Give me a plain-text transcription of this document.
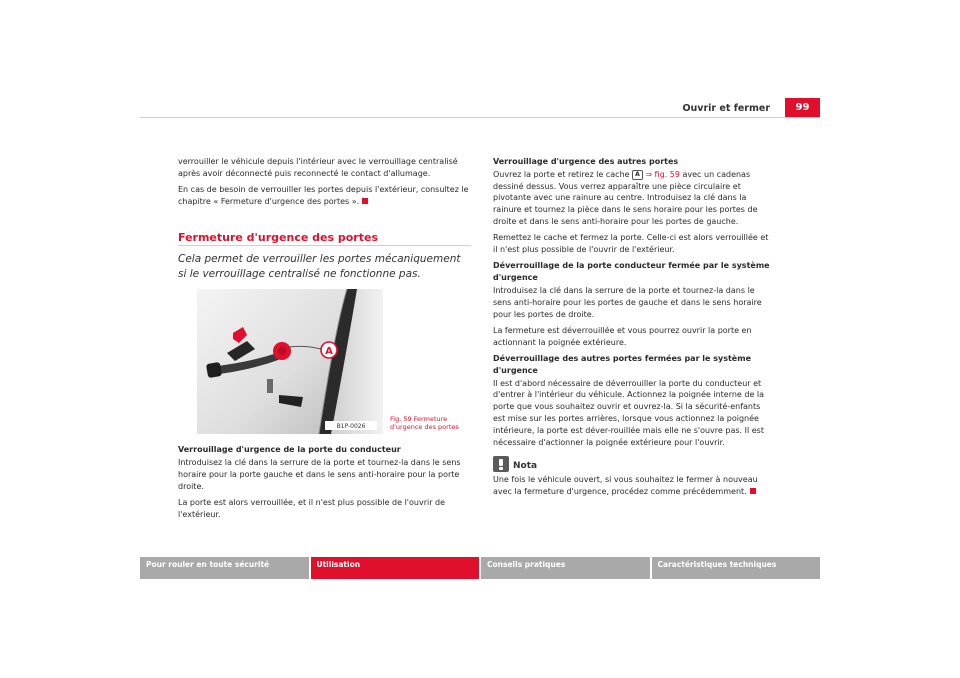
Ouvrir et fermer	99

verrouiller le véhicule depuis l'intérieur avec le verrouillage centralisé après avoir déconnecté puis reconnecté le contact d'allumage.

En cas de besoin de verrouiller les portes depuis l'extérieur, consultez le chapitre « Fermeture d'urgence des portes ».

Fermeture d'urgence des portes
Cela permet de verrouiller les portes mécaniquement si le verrouillage centralisé ne fonctionne pas.
A
B1P-0026
Fig. 59 Fermeture d'urgence des portes

Verrouillage d'urgence de la porte du conducteur

Introduisez la clé dans la serrure de la porte et tournez-la dans le sens horaire pour la porte gauche et dans le sens anti-horaire pour la porte droite.

La porte est alors verrouillée, et il n'est plus possible de l'ouvrir de l'extérieur.

Verrouillage d'urgence des autres portes

Ouvrez la porte et retirez le cache A ⇒ fig. 59 avec un cadenas dessiné dessus. Vous verrez apparaître une pièce circulaire et pivotante avec une rainure au centre. Introduisez la clé dans la rainure et tournez la pièce dans le sens horaire pour les portes de droite et dans le sens anti-horaire pour les portes de gauche.

Remettez le cache et fermez la porte. Celle-ci est alors verrouillée et il n'est plus possible de l'ouvrir de l'extérieur.

Déverrouillage de la porte conducteur fermée par le système d'urgence

Introduisez la clé dans la serrure de la porte et tournez-la dans le sens anti-horaire pour les portes de gauche et dans le sens horaire pour les portes de droite.

La fermeture est déverrouillée et vous pourrez ouvrir la porte en actionnant la poignée extérieure.

Déverrouillage des autres portes fermées par le système d'urgence

Il est d'abord nécessaire de déverrouiller la porte du conducteur et d'entrer à l'intérieur du véhicule. Actionnez la poignée interne de la porte que vous souhaitez ouvrir et ouvrez-la. Si la sécurité-enfants est mise sur les portes arrières, lorsque vous actionnez la poignée intérieure, la porte est déver-rouillée mais elle ne s'ouvre pas. Il est nécessaire d'actionner la poignée extérieure pour l'ouvrir.

Nota

Une fois le véhicule ouvert, si vous souhaitez le fermer à nouveau avec la fermeture d'urgence, procédez comme précédemment.

Pour rouler en toute sécurité	Utilisation	Conseils pratiques	Caractéristiques techniques
